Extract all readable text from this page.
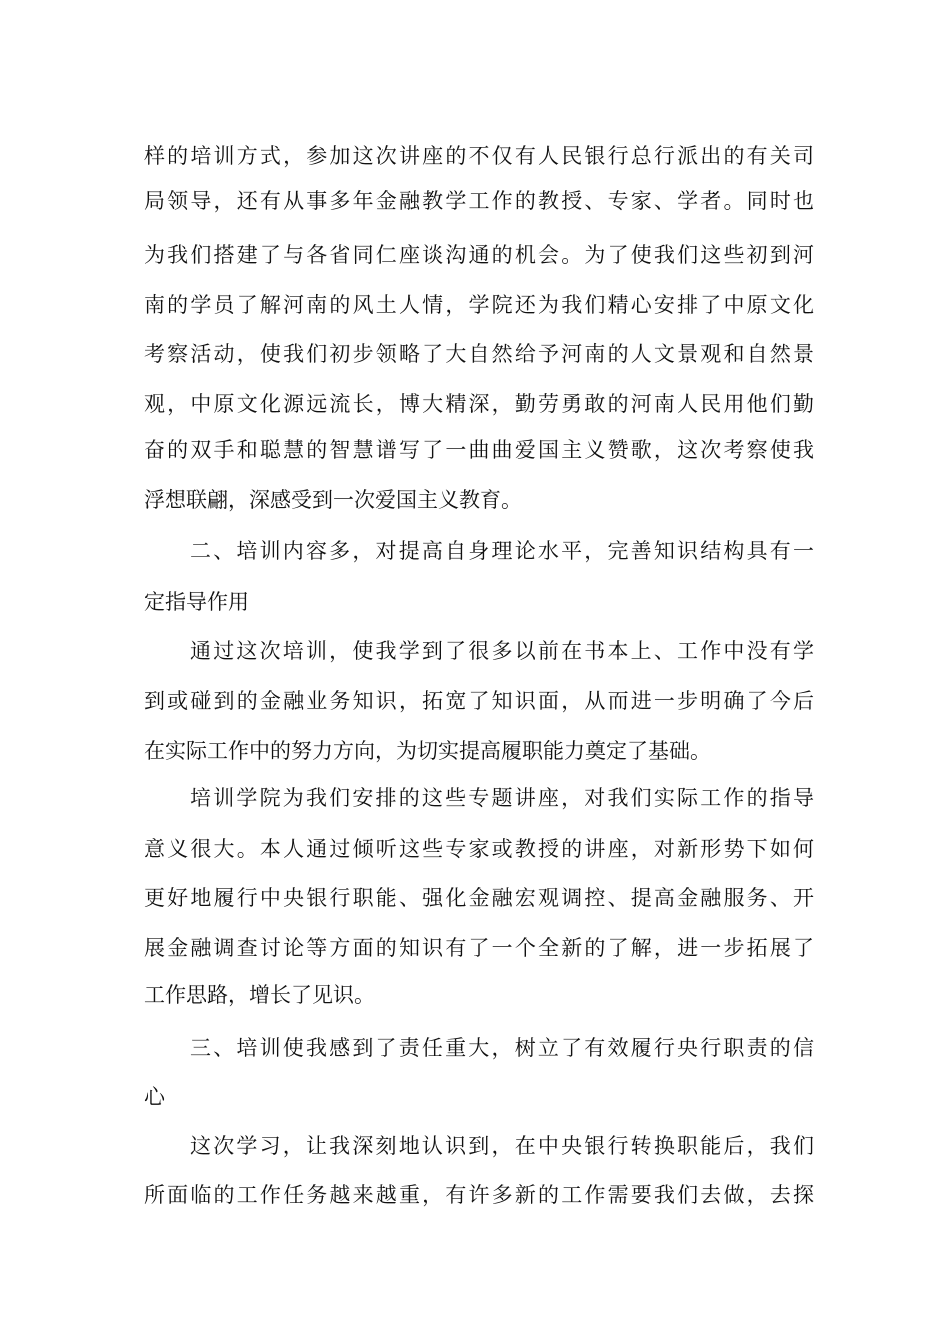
样的培训方式，参加这次讲座的不仅有人民银行总行派出的有关司
局领导，还有从事多年金融教学工作的教授、专家、学者。同时也
为我们搭建了与各省同仁座谈沟通的机会。为了使我们这些初到河
南的学员了解河南的风土人情，学院还为我们精心安排了中原文化
考察活动，使我们初步领略了大自然给予河南的人文景观和自然景
观，中原文化源远流长，博大精深，勤劳勇敢的河南人民用他们勤
奋的双手和聪慧的智慧谱写了一曲曲爱国主义赞歌，这次考察使我
浮想联翩，深感受到一次爱国主义教育。
二、培训内容多，对提高自身理论水平，完善知识结构具有一
定指导作用
通过这次培训，使我学到了很多以前在书本上、工作中没有学
到或碰到的金融业务知识，拓宽了知识面，从而进一步明确了今后
在实际工作中的努力方向，为切实提高履职能力奠定了基础。
培训学院为我们安排的这些专题讲座，对我们实际工作的指导
意义很大。本人通过倾听这些专家或教授的讲座，对新形势下如何
更好地履行中央银行职能、强化金融宏观调控、提高金融服务、开
展金融调查讨论等方面的知识有了一个全新的了解，进一步拓展了
工作思路，增长了见识。
三、培训使我感到了责任重大，树立了有效履行央行职责的信
心
这次学习，让我深刻地认识到，在中央银行转换职能后，我们
所面临的工作任务越来越重，有许多新的工作需要我们去做，去探
